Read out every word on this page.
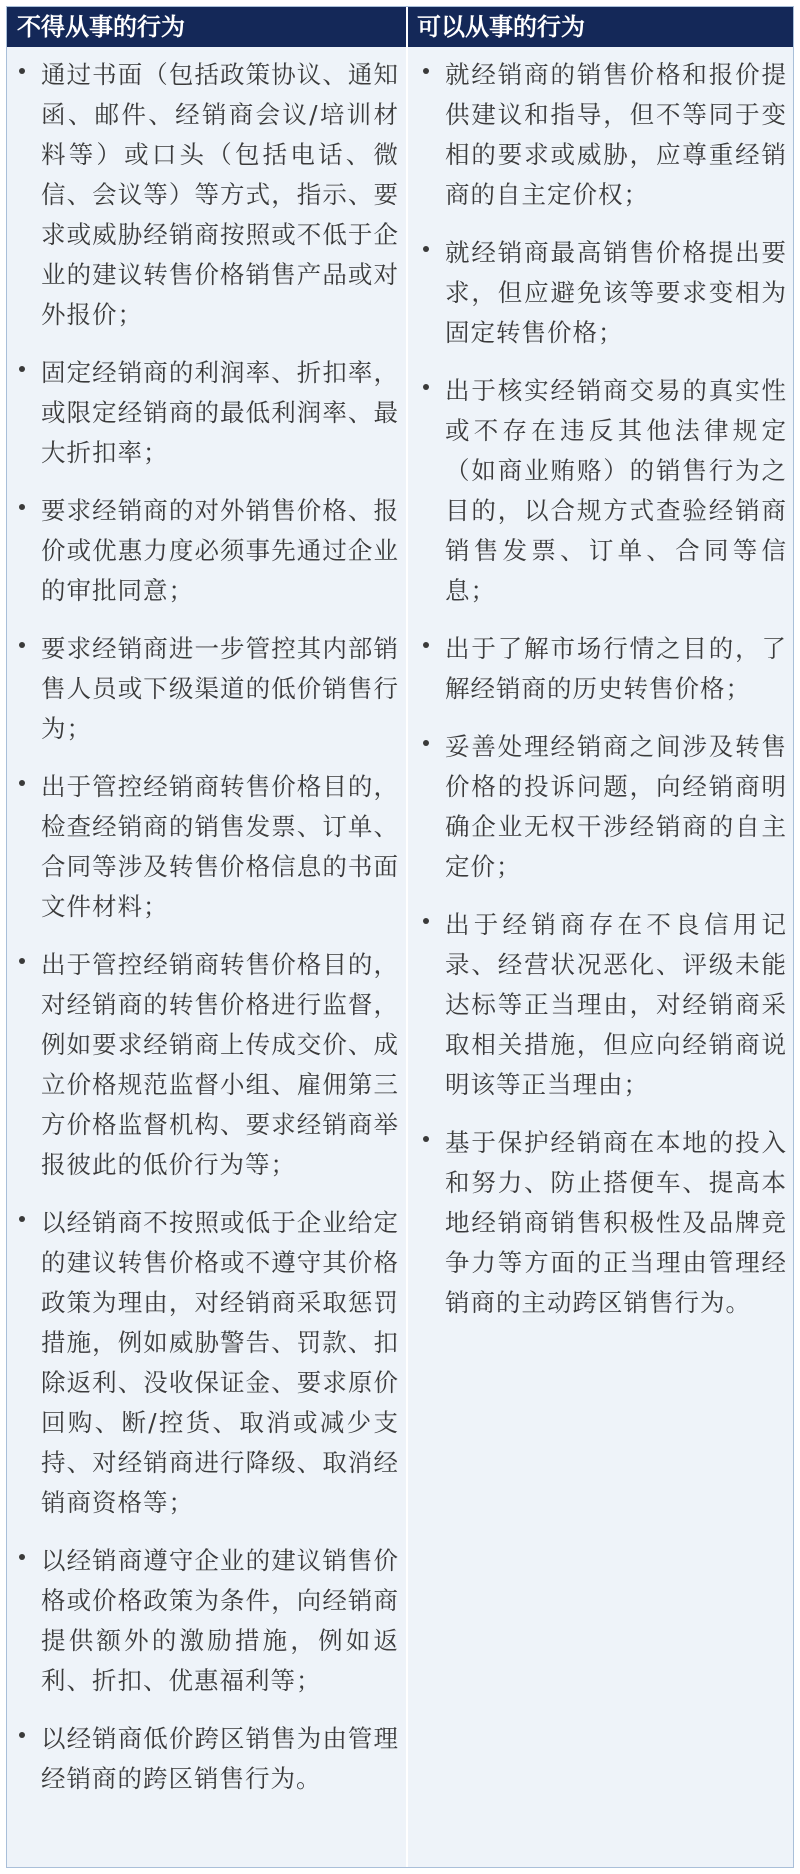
不得从事的行为	可以从事的行为
通过书面（包括政策协议、通知函、邮件、经销商会议/培训材料等）或口头（包括电话、微信、会议等）等方式，指示、要求或威胁经销商按照或不低于企业的建议转售价格销售产品或对外报价；
固定经销商的利润率、折扣率，或限定经销商的最低利润率、最大折扣率；
要求经销商的对外销售价格、报价或优惠力度必须事先通过企业的审批同意；
要求经销商进一步管控其内部销售人员或下级渠道的低价销售行为；
出于管控经销商转售价格目的，检查经销商的销售发票、订单、合同等涉及转售价格信息的书面文件材料；
出于管控经销商转售价格目的，对经销商的转售价格进行监督，例如要求经销商上传成交价、成立价格规范监督小组、雇佣第三方价格监督机构、要求经销商举报彼此的低价行为等；
以经销商不按照或低于企业给定的建议转售价格或不遵守其价格政策为理由，对经销商采取惩罚措施，例如威胁警告、罚款、扣除返利、没收保证金、要求原价回购、断/控货、取消或减少支持、对经销商进行降级、取消经销商资格等；
以经销商遵守企业的建议销售价格或价格政策为条件，向经销商提供额外的激励措施，例如返利、折扣、优惠福利等；
以经销商低价跨区销售为由管理经销商的跨区销售行为。
就经销商的销售价格和报价提供建议和指导，但不等同于变相的要求或威胁，应尊重经销商的自主定价权；
就经销商最高销售价格提出要求，但应避免该等要求变相为固定转售价格；
出于核实经销商交易的真实性或不存在违反其他法律规定（如商业贿赂）的销售行为之目的，以合规方式查验经销商销售发票、订单、合同等信息；
出于了解市场行情之目的，了解经销商的历史转售价格；
妥善处理经销商之间涉及转售价格的投诉问题，向经销商明确企业无权干涉经销商的自主定价；
出于经销商存在不良信用记录、经营状况恶化、评级未能达标等正当理由，对经销商采取相关措施，但应向经销商说明该等正当理由；
基于保护经销商在本地的投入和努力、防止搭便车、提高本地经销商销售积极性及品牌竞争力等方面的正当理由管理经销商的主动跨区销售行为。
